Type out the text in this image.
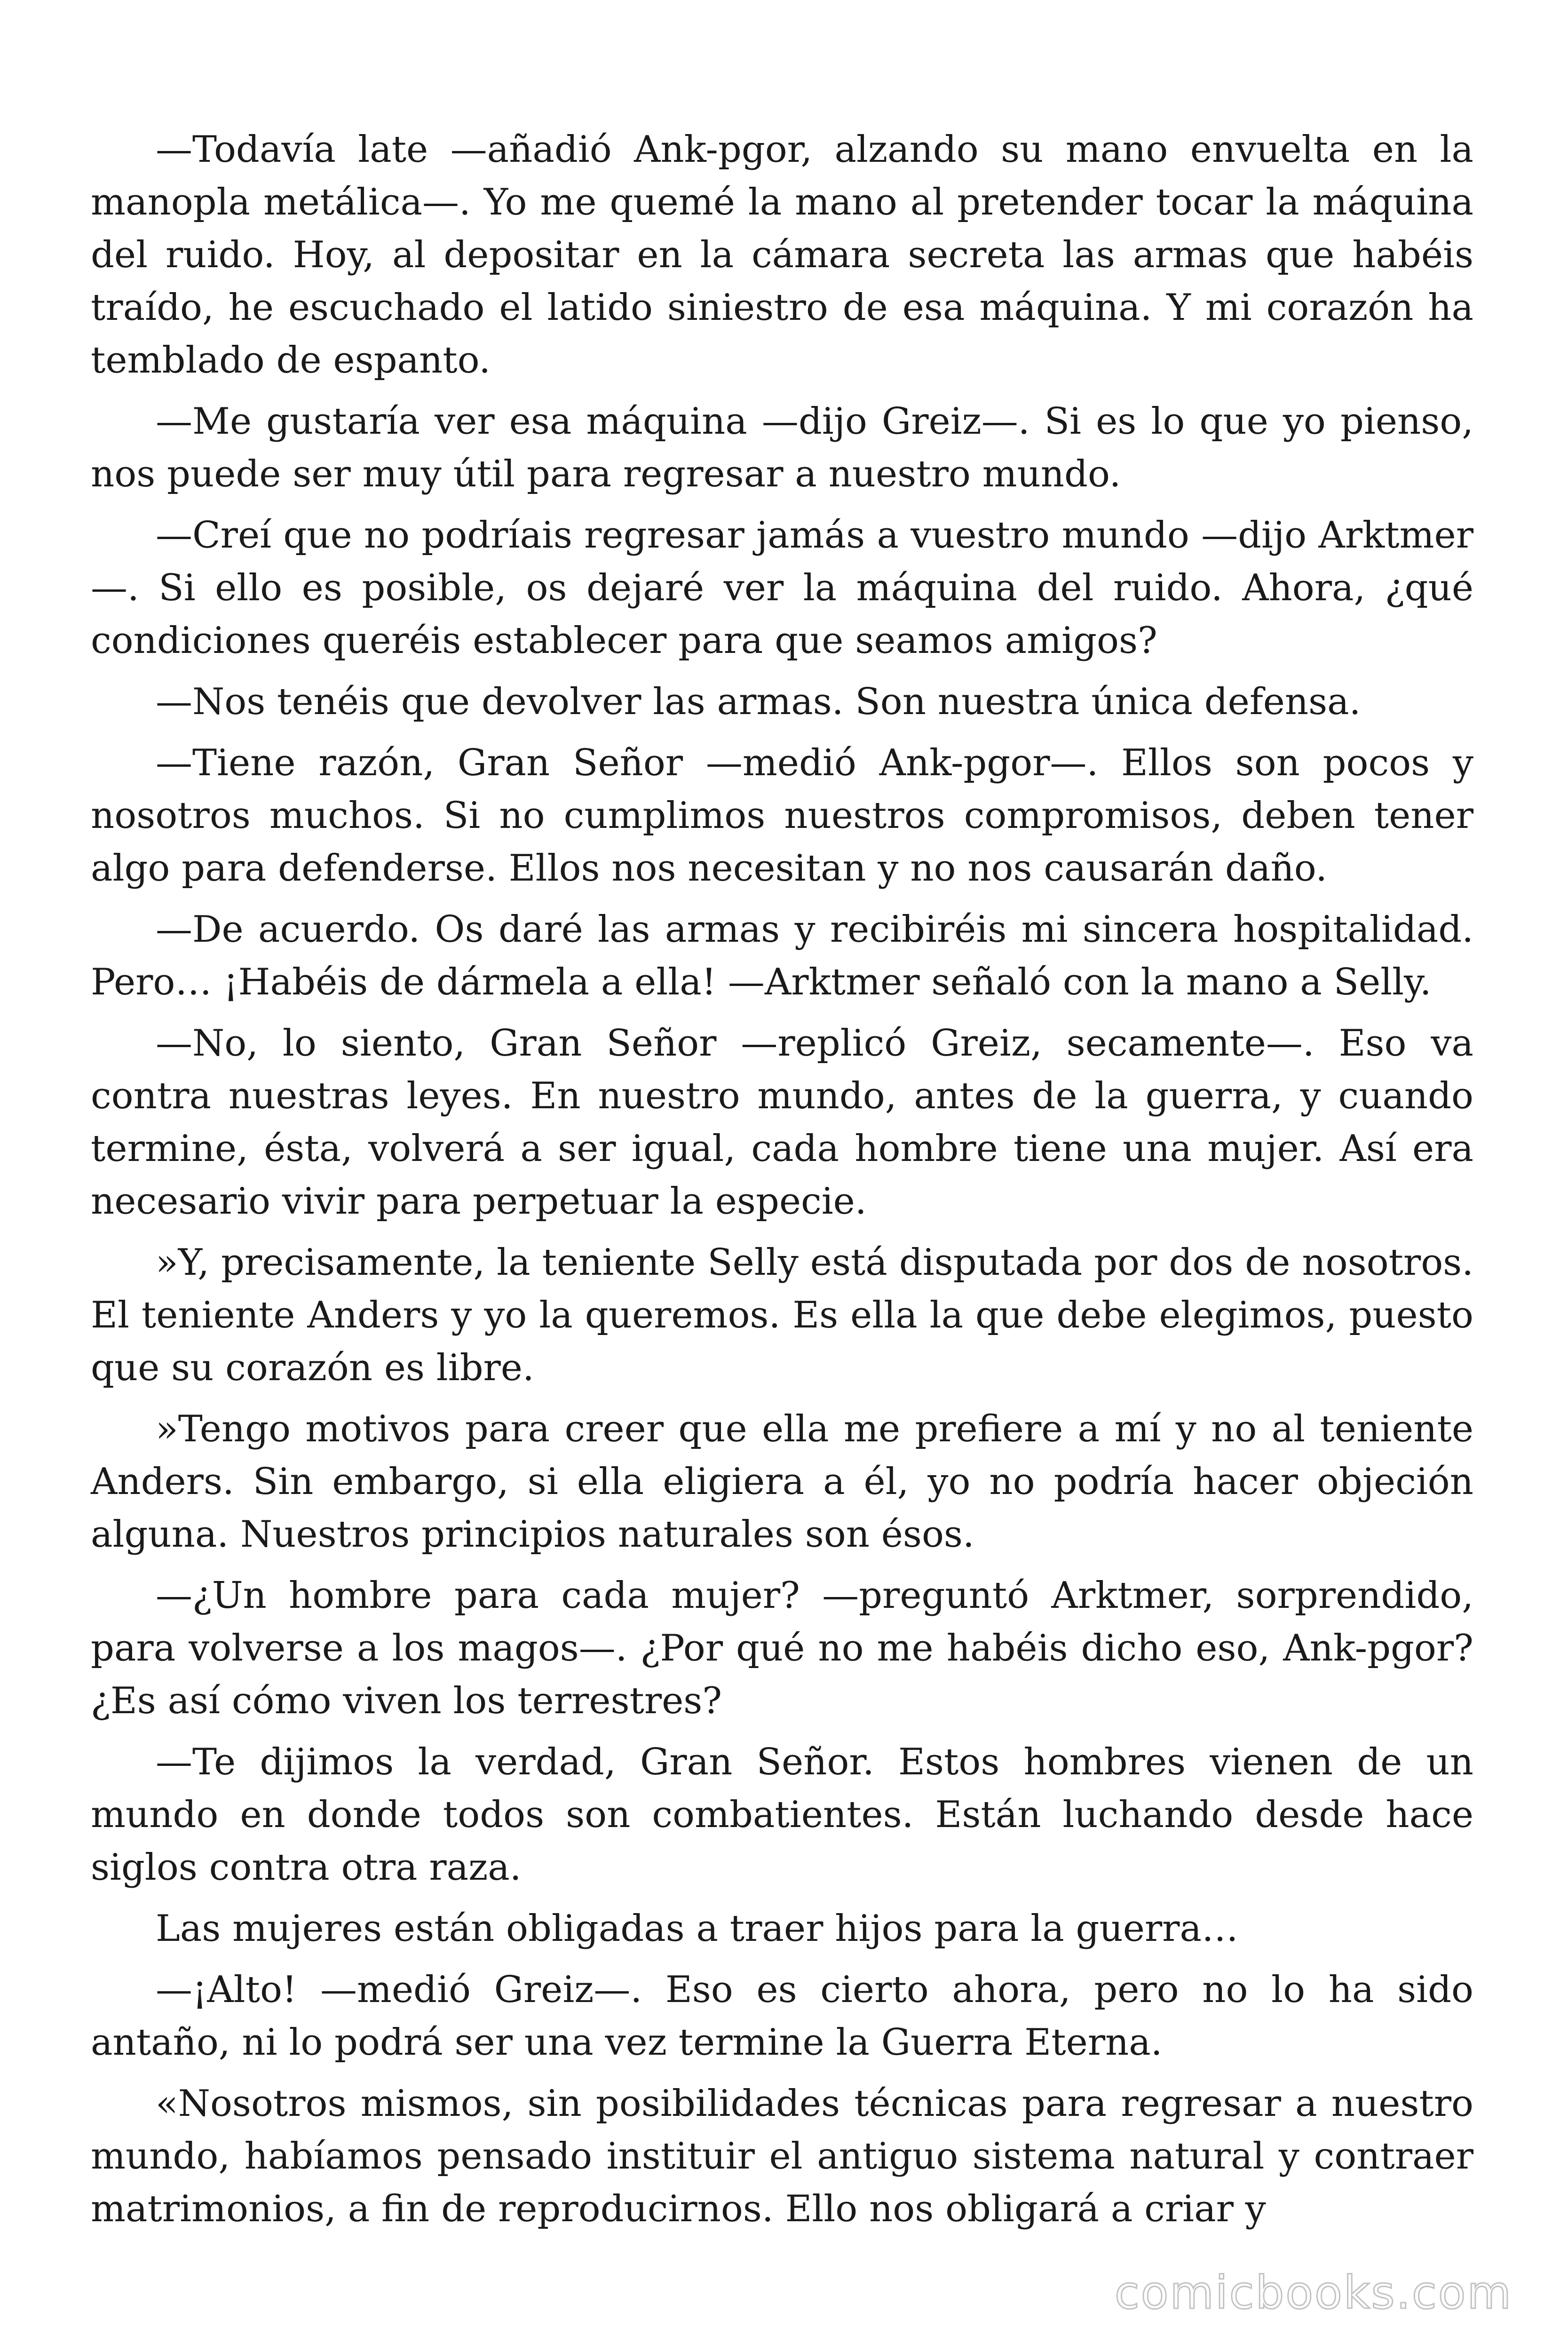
—Todavía late —añadió Ank-pgor, alzando su mano envuelta en la manopla metálica—. Yo me quemé la mano al pretender tocar la máquina del ruido. Hoy, al depositar en la cámara secreta las armas que habéis traído, he escuchado el latido siniestro de esa máquina. Y mi corazón ha temblado de espanto.

—Me gustaría ver esa máquina —dijo Greiz—. Si es lo que yo pienso, nos puede ser muy útil para regresar a nuestro mundo.

—Creí que no podríais regresar jamás a vuestro mundo —dijo Arktmer—. Si ello es posible, os dejaré ver la máquina del ruido. Ahora, ¿qué condiciones queréis establecer para que seamos amigos?

—Nos tenéis que devolver las armas. Son nuestra única defensa.

—Tiene razón, Gran Señor —medió Ank-pgor—. Ellos son pocos y nosotros muchos. Si no cumplimos nuestros compromisos, deben tener algo para defenderse. Ellos nos necesitan y no nos causarán daño.

—De acuerdo. Os daré las armas y recibiréis mi sincera hospitalidad. Pero… ¡Habéis de dármela a ella! —Arktmer señaló con la mano a Selly.

—No, lo siento, Gran Señor —replicó Greiz, secamente—. Eso va contra nuestras leyes. En nuestro mundo, antes de la guerra, y cuando termine, ésta, volverá a ser igual, cada hombre tiene una mujer. Así era necesario vivir para perpetuar la especie.

»Y, precisamente, la teniente Selly está disputada por dos de nosotros. El teniente Anders y yo la queremos. Es ella la que debe elegimos, puesto que su corazón es libre.

»Tengo motivos para creer que ella me prefiere a mí y no al teniente Anders. Sin embargo, si ella eligiera a él, yo no podría hacer objeción alguna. Nuestros principios naturales son ésos.

—¿Un hombre para cada mujer? —preguntó Arktmer, sorprendido, para volverse a los magos—. ¿Por qué no me habéis dicho eso, Ank-pgor? ¿Es así cómo viven los terrestres?

—Te dijimos la verdad, Gran Señor. Estos hombres vienen de un mundo en donde todos son combatientes. Están luchando desde hace siglos contra otra raza.

Las mujeres están obligadas a traer hijos para la guerra…

—¡Alto! —medió Greiz—. Eso es cierto ahora, pero no lo ha sido antaño, ni lo podrá ser una vez termine la Guerra Eterna.

«Nosotros mismos, sin posibilidades técnicas para regresar a nuestro mundo, habíamos pensado instituir el antiguo sistema natural y contraer matrimonios, a fin de reproducirnos. Ello nos obligará a criar y

comicbooks.com
